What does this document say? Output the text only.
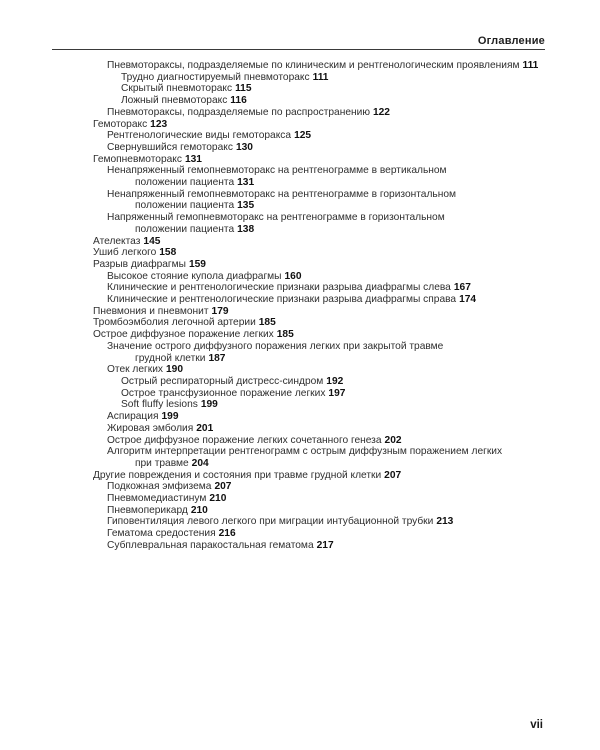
Оглавление
Пневмотораксы, подразделяемые по клиническим и рентгенологическим проявлениям 111
Трудно диагностируемый пневмоторакс 111
Скрытый пневмоторакс 115
Ложный пневмоторакс 116
Пневмотораксы, подразделяемые по распространению 122
Гемоторакс 123
Рентгенологические виды гемоторакса 125
Свернувшийся гемоторакс 130
Гемопневмоторакс 131
Ненапряженный гемопневмоторакс на рентгенограмме в вертикальном
положении пациента 131
Ненапряженный гемопневмоторакс на рентгенограмме в горизонтальном
положении пациента 135
Напряженный гемопневмоторакс на рентгенограмме в горизонтальном
положении пациента 138
Ателектаз 145
Ушиб легкого 158
Разрыв диафрагмы 159
Высокое стояние купола диафрагмы 160
Клинические и рентгенологические признаки разрыва диафрагмы слева 167
Клинические и рентгенологические признаки разрыва диафрагмы справа 174
Пневмония и пневмонит 179
Тромбоэмболия легочной артерии 185
Острое диффузное поражение легких 185
Значение острого диффузного поражения легких при закрытой травме
грудной клетки 187
Отек легких 190
Острый респираторный дистресс-синдром 192
Острое трансфузионное поражение легких 197
Soft fluffy lesions 199
Аспирация 199
Жировая эмболия 201
Острое диффузное поражение легких сочетанного генеза 202
Алгоритм интерпретации рентгенограмм с острым диффузным поражением легких
при травме 204
Другие повреждения и состояния при травме грудной клетки 207
Подкожная эмфизема 207
Пневмомедиастинум 210
Пневмоперикард 210
Гиповентиляция левого легкого при миграции интубационной трубки 213
Гематома средостения 216
Субплевральная паракостальная гематома 217
vii
